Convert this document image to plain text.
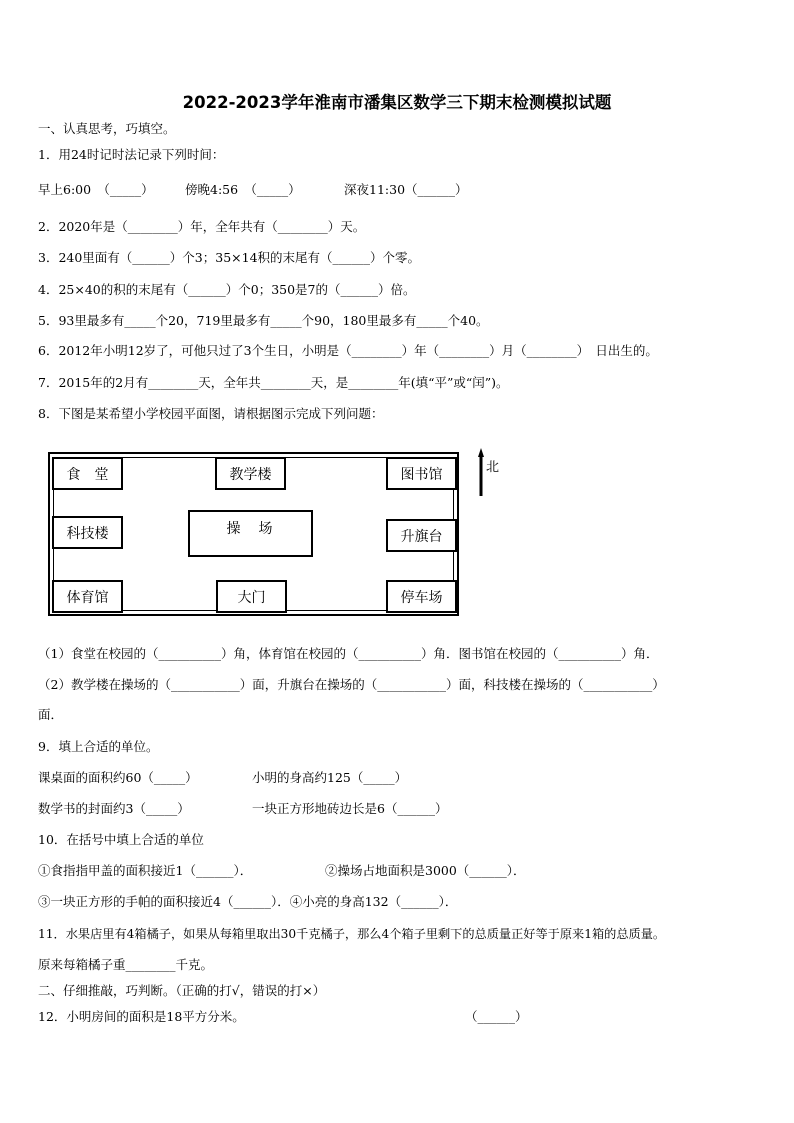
2022-2023学年淮南市潘集区数学三下期末检测模拟试题
一、认真思考，巧填空。
1．用24时记时法记录下列时间：
早上6:00　（_____）	傍晚4:56　（_____）	深夜11:30（______）
2．2020年是（________）年，全年共有（________）天。
3．240里面有（______）个3；35×14积的末尾有（______）个零。
4．25×40的积的末尾有（______）个0；350是7的（______）倍。
5．93里最多有_____个20，719里最多有_____个90，180里最多有_____个40。
6．2012年小明12岁了，可他只过了3个生日，小明是（________）年（________）月（________）　日出生的。
7．2015年的2月有________天，全年共________天，是________年(填“平”或“闰”)。
8．下图是某希望小学校园平面图，请根据图示完成下列问题：
食　堂	教学楼	图书馆
科技楼	操　场	升旗台
体育馆	大门	停车场
北
（1）食堂在校园的（__________）角，体育馆在校园的（__________）角．图书馆在校园的（__________）角．
（2）教学楼在操场的（___________）面，升旗台在操场的（___________）面，科技楼在操场的（___________）
面．
9．填上合适的单位。
课桌面的面积约60（_____）	小明的身高约125（_____）
数学书的封面约3（_____）	一块正方形地砖边长是6（______）
10．在括号中填上合适的单位
①食指指甲盖的面积接近1（______）．	②操场占地面积是3000（______）．
③一块正方形的手帕的面积接近4（______）．④小亮的身高132（______）．
11．水果店里有4箱橘子，如果从每箱里取出30千克橘子，那么4个箱子里剩下的总质量正好等于原来1箱的总质量。
原来每箱橘子重________千克。
二、仔细推敲，巧判断。（正确的打√，错误的打×）
12．小明房间的面积是18平方分米。	（______）
